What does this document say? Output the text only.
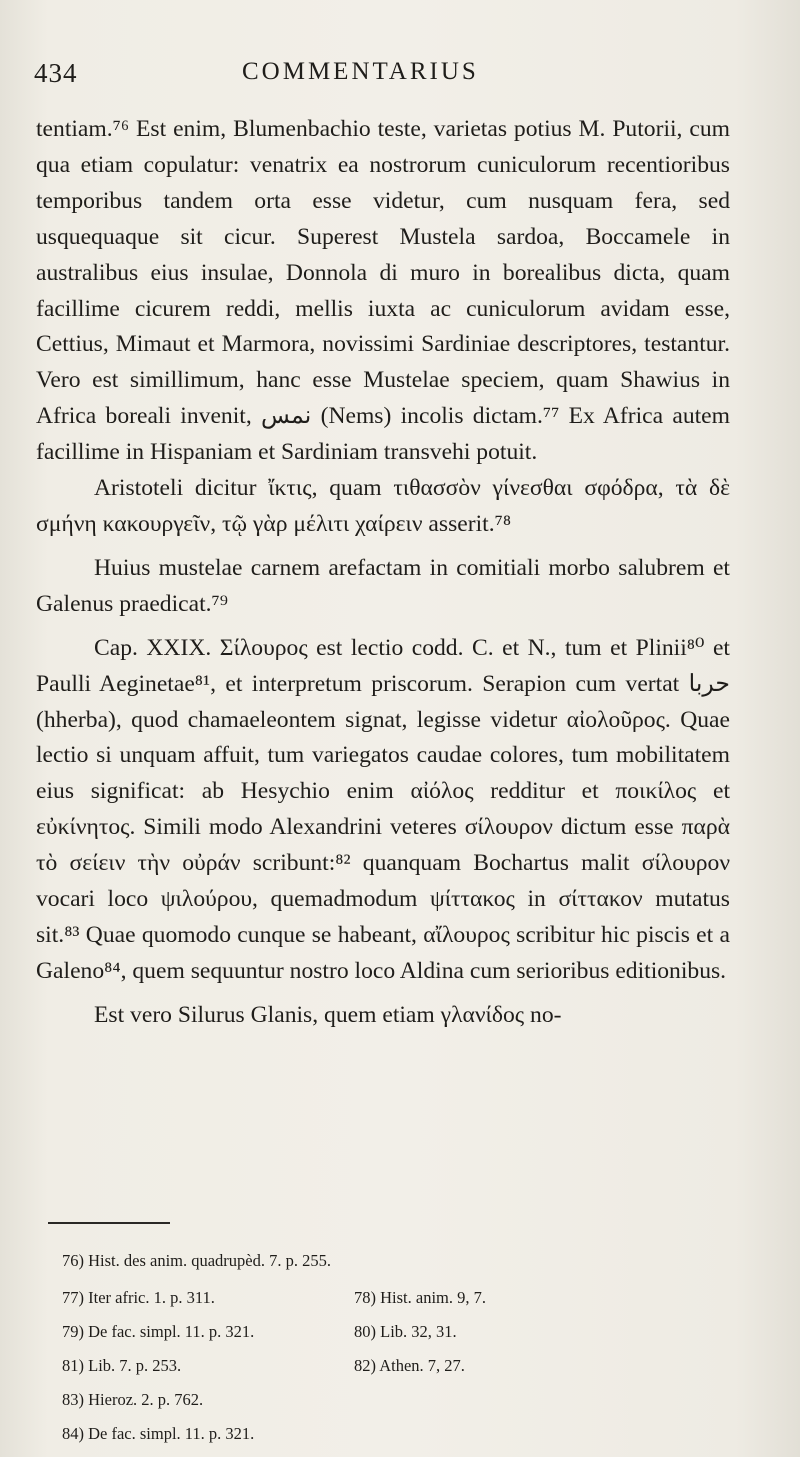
434	COMMENTARIUS

tentiam.⁷⁶ Est enim, Blumenbachio teste, varietas potius M. Putorii, cum qua etiam copulatur: venatrix ea nostrorum cuniculorum recentioribus temporibus tandem orta esse videtur, cum nusquam fera, sed usquequaque sit cicur. Superest Mustela sardoa, Boccamele in australibus eius insulae, Donnola di muro in borealibus dicta, quam facillime cicurem reddi, mellis iuxta ac cuniculorum avidam esse, Cettius, Mimaut et Marmora, novissimi Sardiniae descriptores, testantur. Vero est simillimum, hanc esse Mustelae speciem, quam Shawius in Africa boreali invenit, نمس (Nems) incolis dictam.⁷⁷ Ex Africa autem facillime in Hispaniam et Sardiniam transvehi potuit.

Aristoteli dicitur ἴκτις, quam τιθασσὸν γίνεσθαι σφόδρα, τὰ δὲ σμήνη κακουργεῖν, τῷ γὰρ μέλιτι χαίρειν asserit.⁷⁸

Huius mustelae carnem arefactam in comitiali morbo salubrem et Galenus praedicat.⁷⁹

Cap. XXIX. Σίλουρος est lectio codd. C. et N., tum et Plinii⁸⁰ et Paulli Aeginetae⁸¹, et interpretum priscorum. Serapion cum vertat حربا (hherba), quod chamaeleontem signat, legisse videtur αἰολοῦρος. Quae lectio si unquam affuit, tum variegatos caudae colores, tum mobilitatem eius significat: ab Hesychio enim αἰόλος redditur et ποικίλος et εὐκίνητος. Simili modo Alexandrini veteres σίλουρον dictum esse παρὰ τὸ σείειν τὴν οὐράν scribunt:⁸² quanquam Bochartus malit σίλουρον vocari loco ψιλούρου, quemadmodum ψίττακος in σίττακον mutatus sit.⁸³ Quae quomodo cunque se habeant, αἴλουρος scribitur hic piscis et a Galeno⁸⁴, quem sequuntur nostro loco Aldina cum serioribus editionibus.

Est vero Silurus Glanis, quem etiam γλανίδος no-

76) Hist. des anim. quadrupèd. 7. p. 255.
77) Iter afric. 1. p. 311.	78) Hist. anim. 9, 7.
79) De fac. simpl. 11. p. 321.	80) Lib. 32, 31.
81) Lib. 7. p. 253.	82) Athen. 7, 27.
83) Hieroz. 2. p. 762.
84) De fac. simpl. 11. p. 321.
